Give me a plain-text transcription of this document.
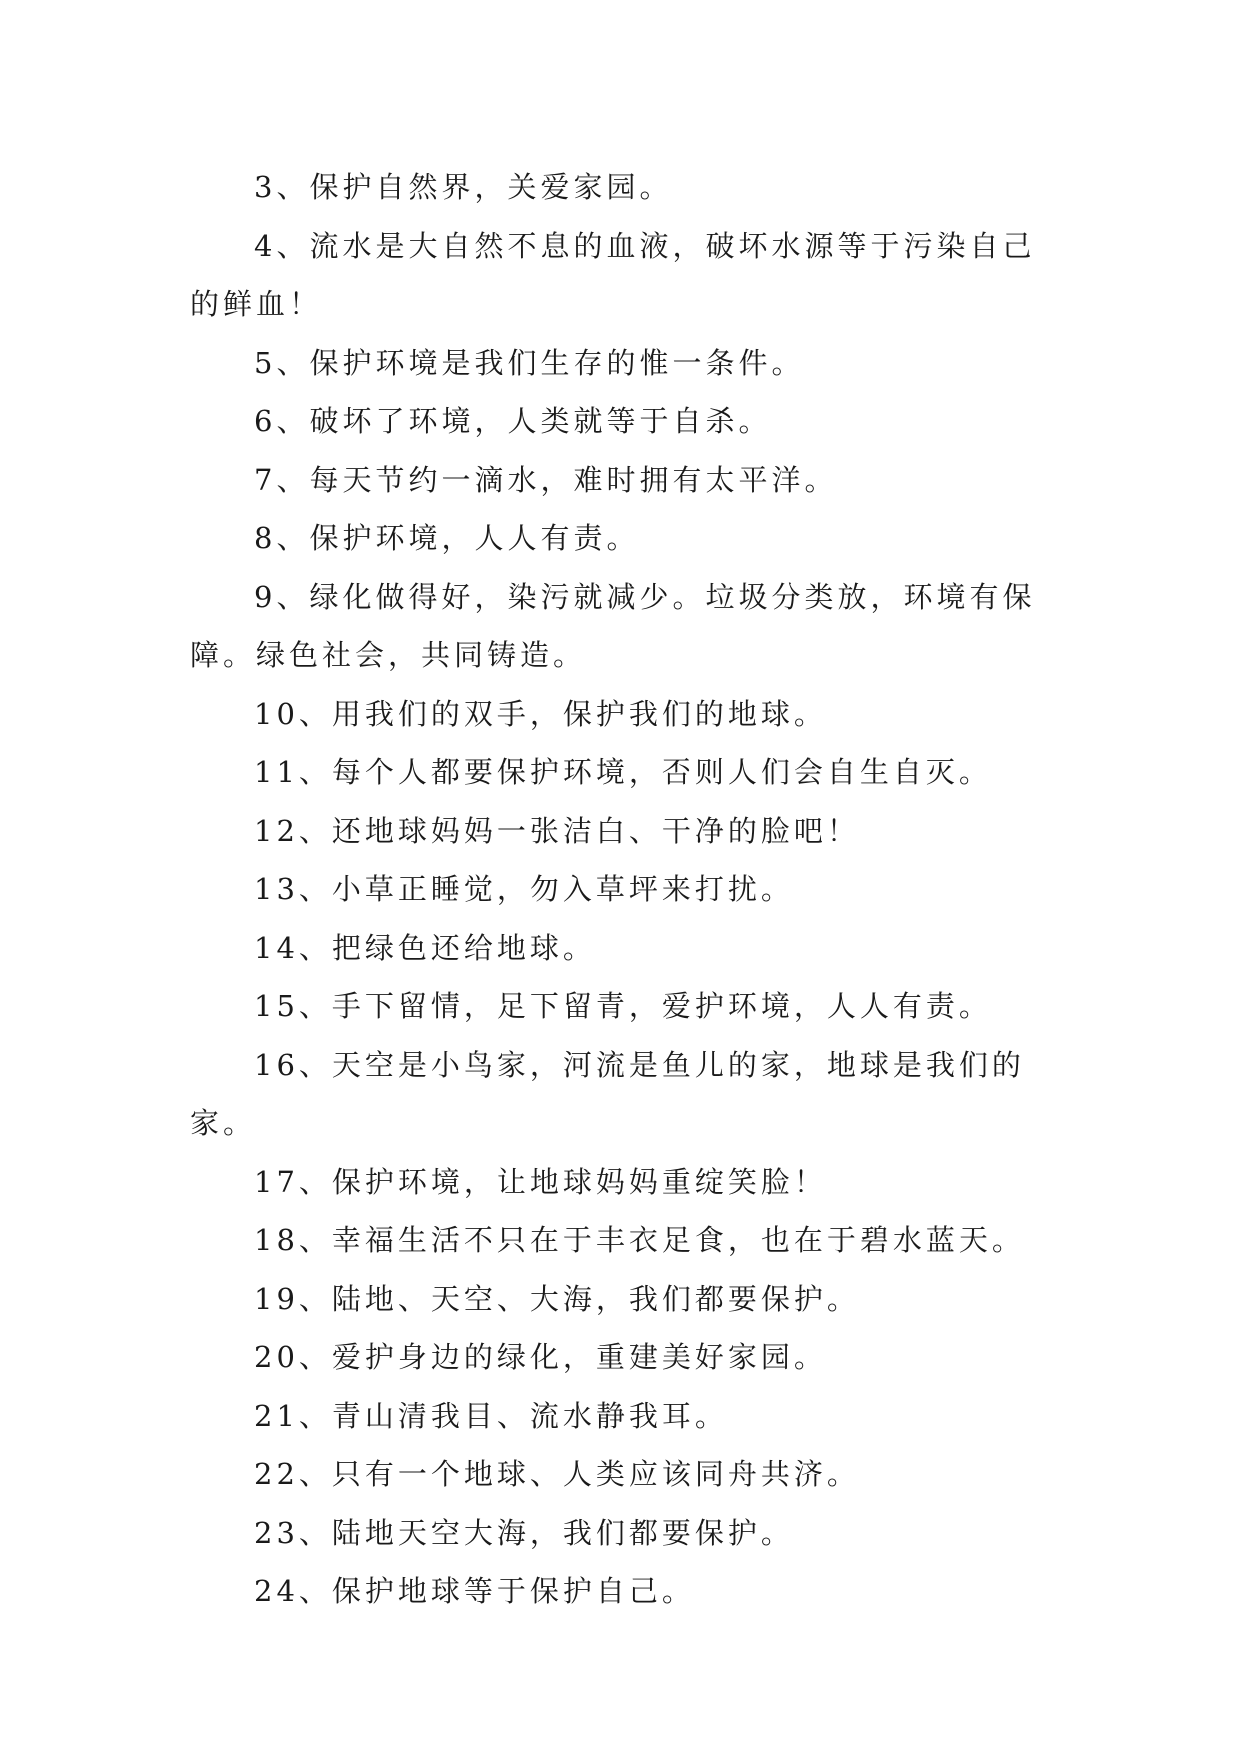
3、保护自然界，关爱家园。

4、流水是大自然不息的血液，破坏水源等于污染自己的鲜血！

5、保护环境是我们生存的惟一条件。

6、破坏了环境，人类就等于自杀。

7、每天节约一滴水，难时拥有太平洋。

8、保护环境，人人有责。

9、绿化做得好，染污就减少。垃圾分类放，环境有保障。绿色社会，共同铸造。

10、用我们的双手，保护我们的地球。

11、每个人都要保护环境，否则人们会自生自灭。

12、还地球妈妈一张洁白、干净的脸吧！

13、小草正睡觉，勿入草坪来打扰。

14、把绿色还给地球。

15、手下留情，足下留青，爱护环境，人人有责。

16、天空是小鸟家，河流是鱼儿的家，地球是我们的家。

17、保护环境，让地球妈妈重绽笑脸！

18、幸福生活不只在于丰衣足食，也在于碧水蓝天。

19、陆地、天空、大海，我们都要保护。

20、爱护身边的绿化，重建美好家园。

21、青山清我目、流水静我耳。

22、只有一个地球、人类应该同舟共济。

23、陆地天空大海，我们都要保护。

24、保护地球等于保护自己。
